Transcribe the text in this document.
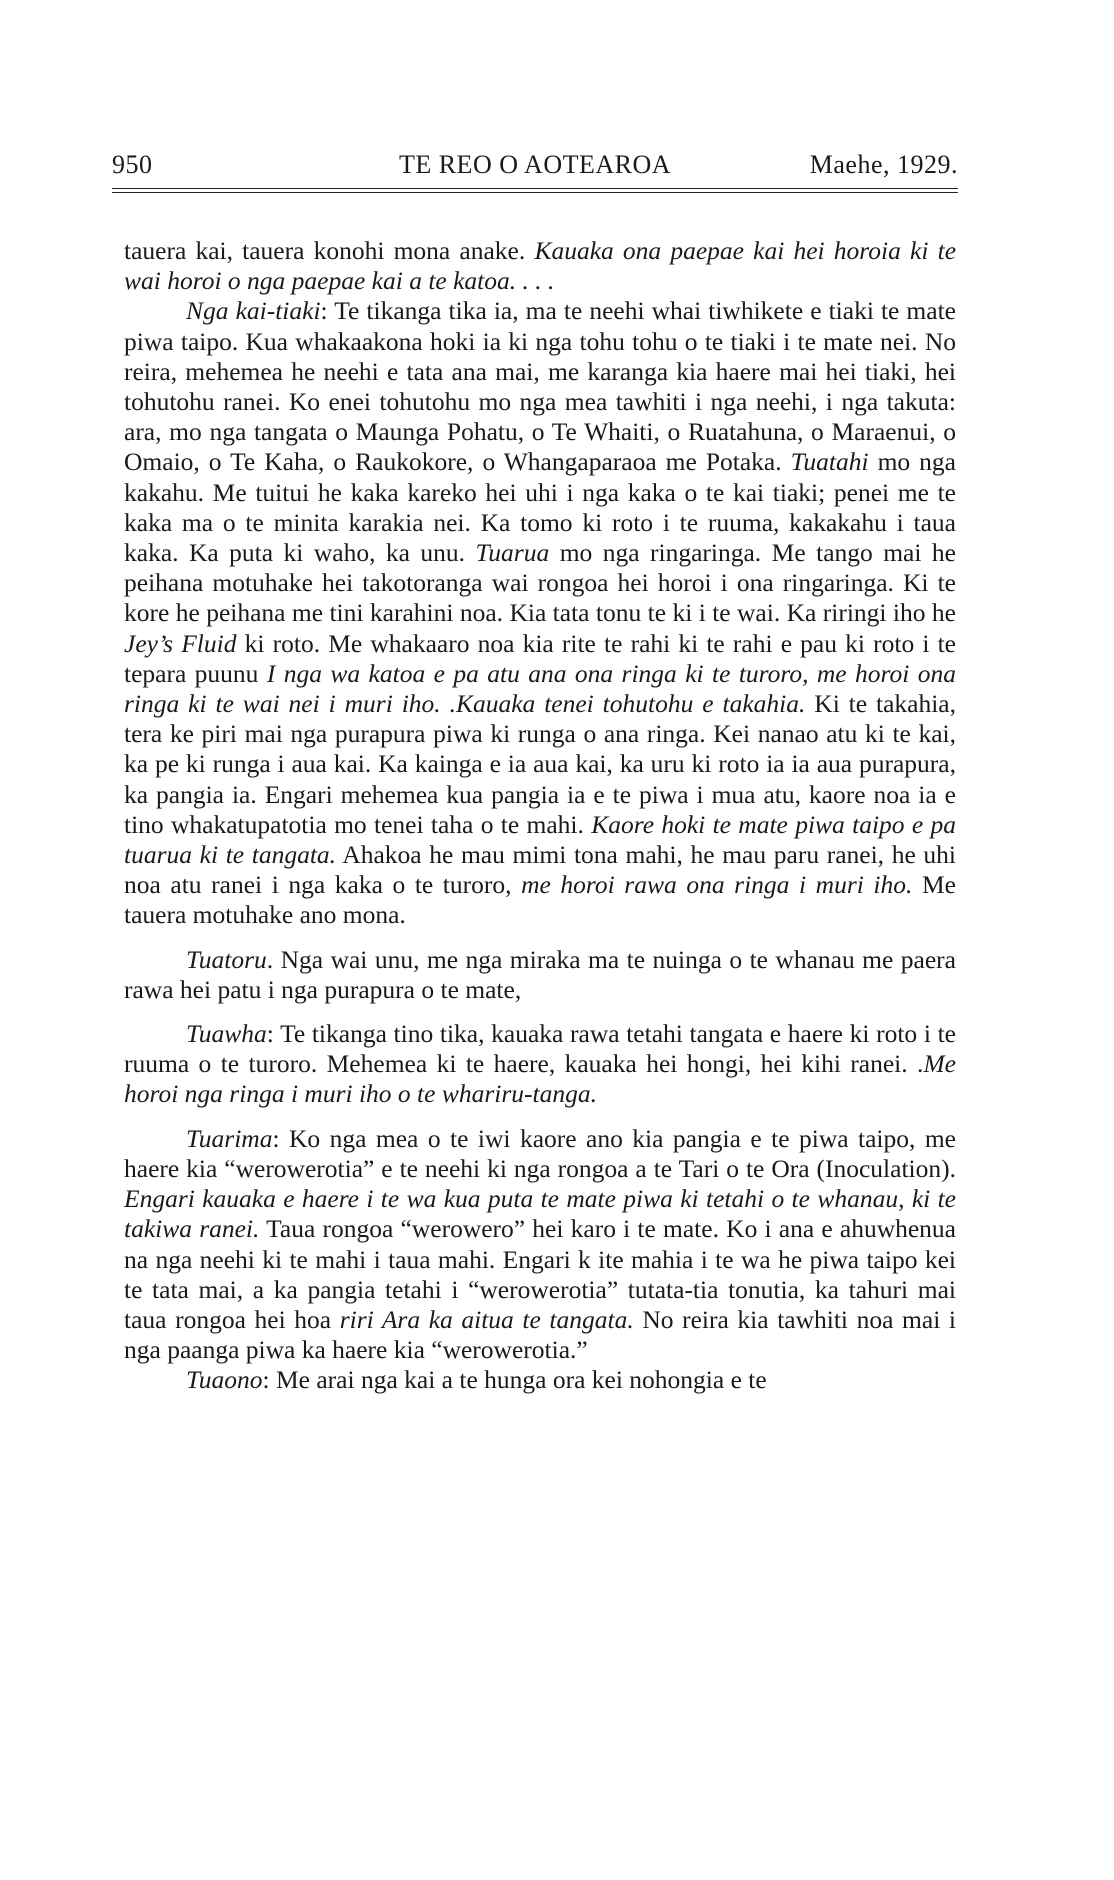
950	TE REO O AOTEAROA	Maehe, 1929.

tauera kai, tauera konohi mona anake. Kauaka ona paepae kai hei horoia ki te wai horoi o nga paepae kai a te katoa. . . .

Nga kai-tiaki: Te tikanga tika ia, ma te neehi whai tiwhikete e tiaki te mate piwa taipo. Kua whakaakona hoki ia ki nga tohu tohu o te tiaki i te mate nei. No reira, mehemea he neehi e tata ana mai, me karanga kia haere mai hei tiaki, hei tohutohu ranei. Ko enei tohutohu mo nga mea tawhiti i nga neehi, i nga takuta: ara, mo nga tangata o Maunga Pohatu, o Te Whaiti, o Ruatahuna, o Maraenui, o Omaio, o Te Kaha, o Raukokore, o Whangaparaoa me Potaka. Tuatahi mo nga kakahu. Me tuitui he kaka kareko hei uhi i nga kaka o te kai tiaki; penei me te kaka ma o te minita karakia nei. Ka tomo ki roto i te ruuma, kakakahu i taua kaka. Ka puta ki waho, ka unu. Tuarua mo nga ringaringa. Me tango mai he peihana motuhake hei takotoranga wai rongoa hei horoi i ona ringaringa. Ki te kore he peihana me tini karahini noa. Kia tata tonu te ki i te wai. Ka riringi iho he Jey’s Fluid ki roto. Me whakaaro noa kia rite te rahi ki te rahi e pau ki roto i te tepara puunu I nga wa katoa e pa atu ana ona ringa ki te turoro, me horoi ona ringa ki te wai nei i muri iho. .Kauaka tenei tohutohu e takahia. Ki te takahia, tera ke piri mai nga purapura piwa ki runga o ana ringa. Kei nanao atu ki te kai, ka pe ki runga i aua kai. Ka kainga e ia aua kai, ka uru ki roto ia ia aua purapura, ka pangia ia. Engari mehemea kua pangia ia e te piwa i mua atu, kaore noa ia e tino whakatupatotia mo tenei taha o te mahi. Kaore hoki te mate piwa taipo e pa tuarua ki te tangata. Ahakoa he mau mimi tona mahi, he mau paru ranei, he uhi noa atu ranei i nga kaka o te turoro, me horoi rawa ona ringa i muri iho. Me tauera motuhake ano mona.

Tuatoru. Nga wai unu, me nga miraka ma te nuinga o te whanau me paera rawa hei patu i nga purapura o te mate,

Tuawha: Te tikanga tino tika, kauaka rawa tetahi tangata e haere ki roto i te ruuma o te turoro. Mehemea ki te haere, kauaka hei hongi, hei kihi ranei. .Me horoi nga ringa i muri iho o te whariru-tanga.

Tuarima: Ko nga mea o te iwi kaore ano kia pangia e te piwa taipo, me haere kia “werowerotia” e te neehi ki nga rongoa a te Tari o te Ora (Inoculation). Engari kauaka e haere i te wa kua puta te mate piwa ki tetahi o te whanau, ki te takiwa ranei. Taua rongoa “werowero” hei karo i te mate. Ko i ana e ahuwhenua na nga neehi ki te mahi i taua mahi. Engari k ite mahia i te wa he piwa taipo kei te tata mai, a ka pangia tetahi i “werowerotia” tutata-tia tonutia, ka tahuri mai taua rongoa hei hoa riri Ara ka aitua te tangata. No reira kia tawhiti noa mai i nga paanga piwa ka haere kia “werowerotia.”

Tuaono: Me arai nga kai a te hunga ora kei nohongia e te
